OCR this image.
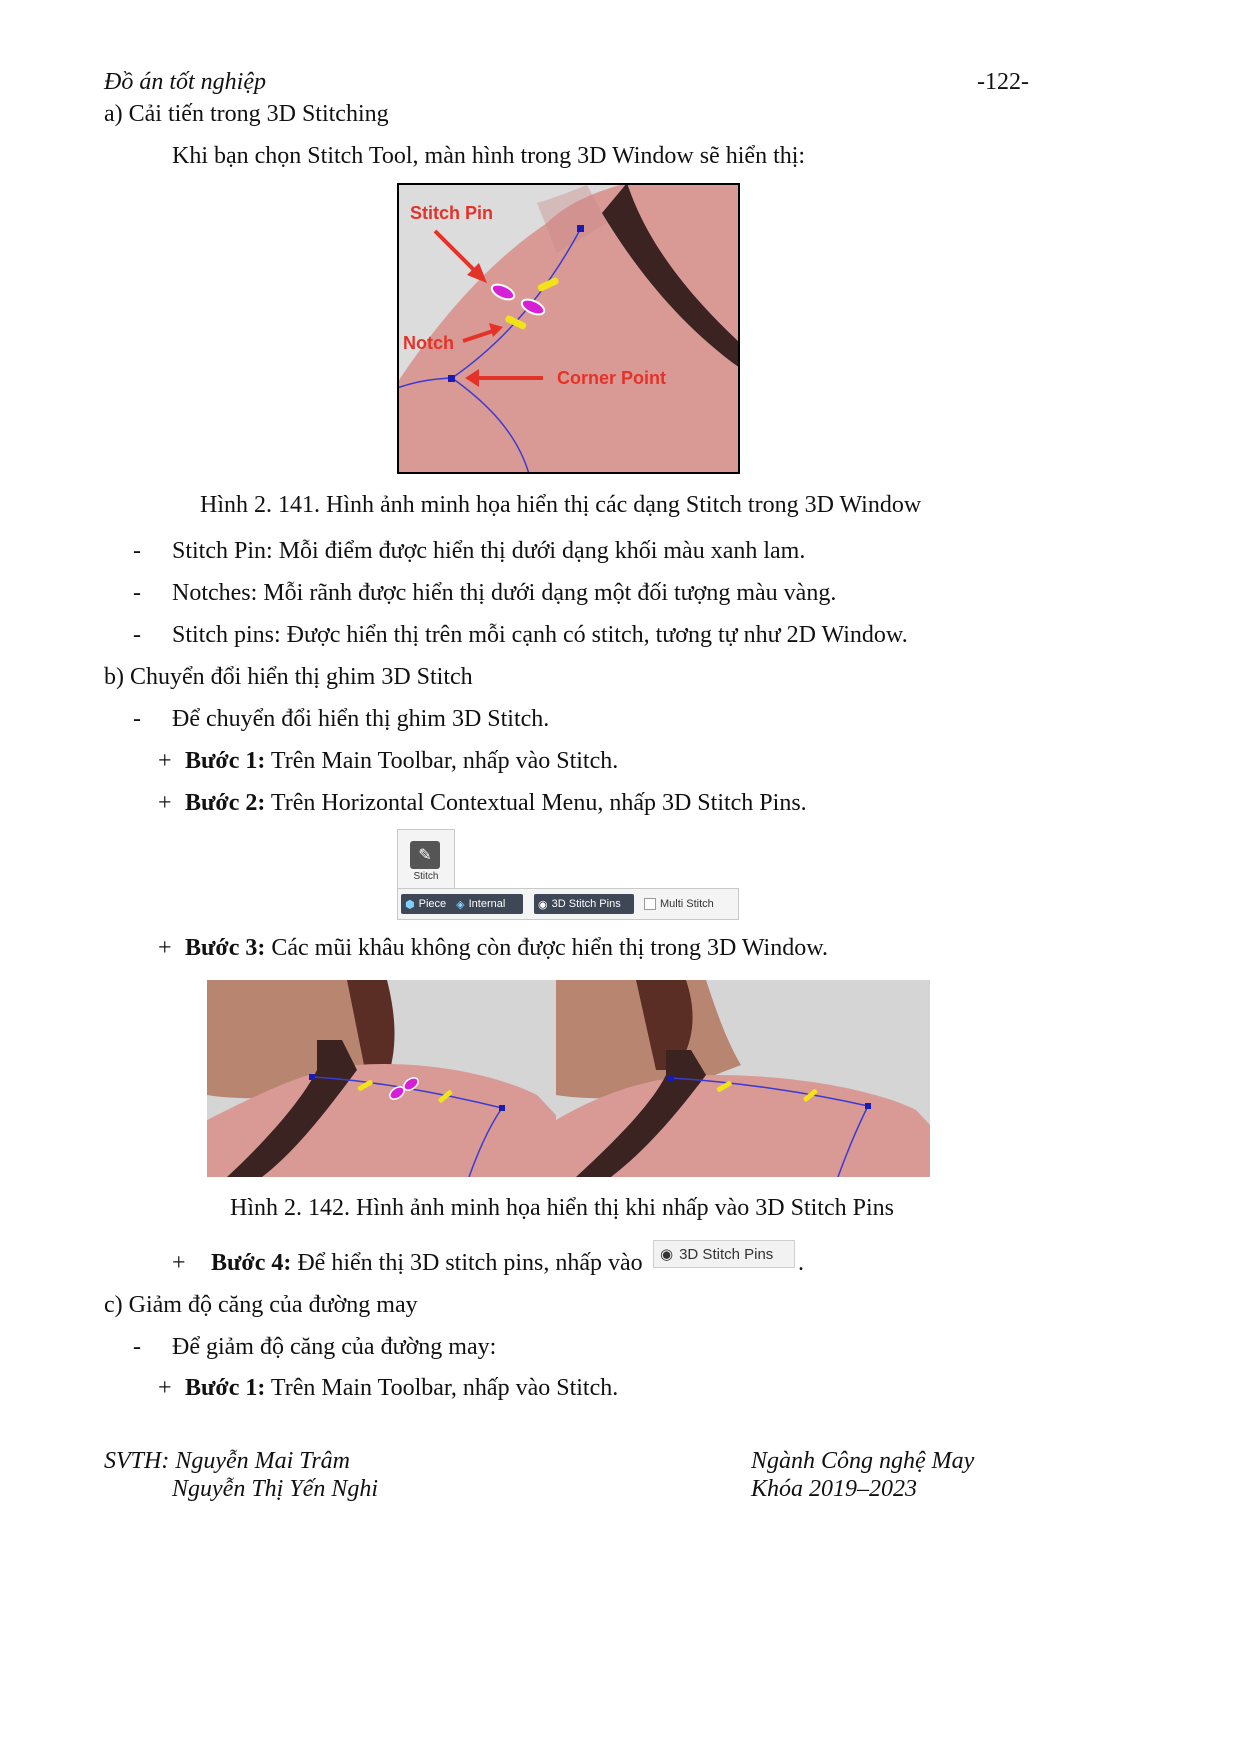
Đồ án tốt nghiệp	-122-
a) Cải tiến trong 3D Stitching
Khi bạn chọn Stitch Tool, màn hình trong 3D Window sẽ hiển thị:
Stitch Pin
Notch
Corner Point
Hình 2. 141. Hình ảnh minh họa hiển thị các dạng Stitch trong 3D Window
- Stitch Pin: Mỗi điểm được hiển thị dưới dạng khối màu xanh lam.
- Notches: Mỗi rãnh được hiển thị dưới dạng một đối tượng màu vàng.
- Stitch pins: Được hiển thị trên mỗi cạnh có stitch, tương tự như 2D Window.
b) Chuyển đổi hiển thị ghim 3D Stitch
- Để chuyển đổi hiển thị ghim 3D Stitch.
+ Bước 1: Trên Main Toolbar, nhấp vào Stitch.
+ Bước 2: Trên Horizontal Contextual Menu, nhấp 3D Stitch Pins.
✎
Stitch
⬢ Piece ◈ Internal	◉ 3D Stitch Pins	Multi Stitch
+ Bước 3: Các mũi khâu không còn được hiển thị trong 3D Window.
Hình 2. 142. Hình ảnh minh họa hiển thị khi nhấp vào 3D Stitch Pins
+ Bước 4: Để hiển thị 3D stitch pins, nhấp vào ◉ 3D Stitch Pins .
c) Giảm độ căng của đường may
- Để giảm độ căng của đường may:
+ Bước 1: Trên Main Toolbar, nhấp vào Stitch.
SVTH: Nguyễn Mai Trâm
Nguyễn Thị Yến Nghi
Ngành Công nghệ May
Khóa 2019–2023
